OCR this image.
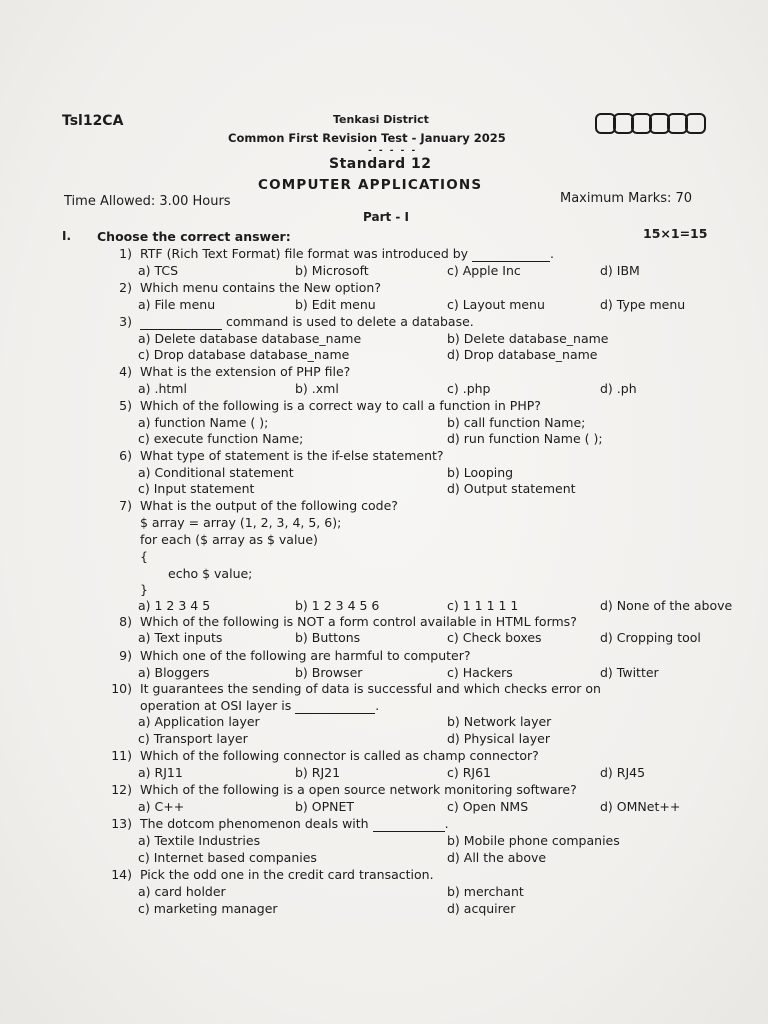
Tsl12CA	Tenkasi District
Common First Revision Test - January 2025
- - - - -
Standard 12
COMPUTER APPLICATIONS
Time Allowed: 3.00 Hours	Maximum Marks: 70
Part - I
I. Choose the correct answer:	15×1=15
1) RTF (Rich Text Format) file format was introduced by	.
a) TCS	b) Microsoft	c) Apple Inc	d) IBM
2) Which menu contains the New option?
a) File menu	b) Edit menu	c) Layout menu	d) Type menu
3)	command is used to delete a database.
a) Delete database database_name	b) Delete database_name
c) Drop database database_name	d) Drop database_name
4) What is the extension of PHP file?
a) .html	b) .xml	c) .php	d) .ph
5) Which of the following is a correct way to call a function in PHP?
a) function Name ( );	b) call function Name;
c) execute function Name;	d) run function Name ( );
6) What type of statement is the if-else statement?
a) Conditional statement	b) Looping
c) Input statement	d) Output statement
7) What is the output of the following code?
$ array = array (1, 2, 3, 4, 5, 6);
for each ($ array as $ value)
{
echo $ value;
}
a) 1 2 3 4 5	b) 1 2 3 4 5 6	c) 1 1 1 1 1	d) None of the above
8) Which of the following is NOT a form control available in HTML forms?
a) Text inputs	b) Buttons	c) Check boxes	d) Cropping tool
9) Which one of the following are harmful to computer?
a) Bloggers	b) Browser	c) Hackers	d) Twitter
10) It guarantees the sending of data is successful and which checks error on
operation at OSI layer is	.
a) Application layer	b) Network layer
c) Transport layer	d) Physical layer
11) Which of the following connector is called as champ connector?
a) RJ11	b) RJ21	c) RJ61	d) RJ45
12) Which of the following is a open source network monitoring software?
a) C++	b) OPNET	c) Open NMS	d) OMNet++
13) The dotcom phenomenon deals with	.
a) Textile Industries	b) Mobile phone companies
c) Internet based companies	d) All the above
14) Pick the odd one in the credit card transaction.
a) card holder	b) merchant
c) marketing manager	d) acquirer
